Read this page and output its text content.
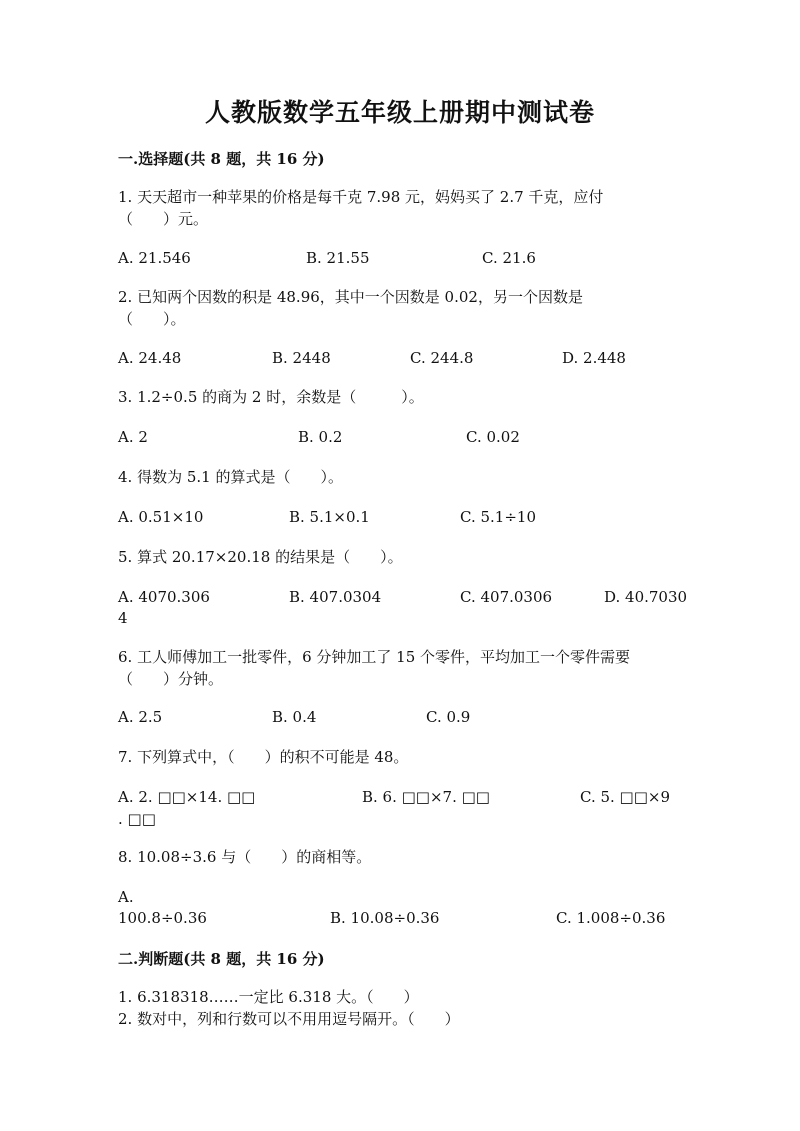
人教版数学五年级上册期中测试卷
一.选择题(共 8 题，共 16 分)
1. 天天超市一种苹果的价格是每千克 7.98 元，妈妈买了 2.7 千克，应付
（　　）元。
A. 21.546	B. 21.55	C. 21.6
2. 已知两个因数的积是 48.96，其中一个因数是 0.02，另一个因数是
（　　）。
A. 24.48	B. 2448	C. 244.8	D. 2.448
3. 1.2÷0.5 的商为 2 时，余数是（　　　）。
A. 2	B. 0.2	C. 0.02
4. 得数为 5.1 的算式是（　　）。
A. 0.51×10	B. 5.1×0.1	C. 5.1÷10
5. 算式 20.17×20.18 的结果是（　　）。
A. 4070.306	B. 407.0304	C. 407.0306	D. 40.7030
4
6. 工人师傅加工一批零件，6 分钟加工了 15 个零件，平均加工一个零件需要
（　　）分钟。
A. 2.5	B. 0.4	C. 0.9
7. 下列算式中，（　　）的积不可能是 48。
A. 2. □□×14. □□	B. 6. □□×7. □□	C. 5. □□×9
. □□
8. 10.08÷3.6 与（　　）的商相等。
A.
100.8÷0.36	B. 10.08÷0.36	C. 1.008÷0.36
二.判断题(共 8 题，共 16 分)
1. 6.318318……一定比 6.318 大。（　　）
2. 数对中，列和行数可以不用用逗号隔开。（　　）
